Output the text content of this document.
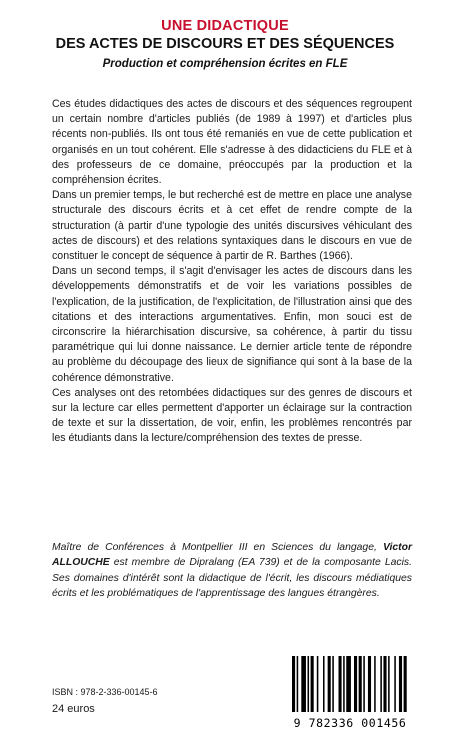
UNE DIDACTIQUE
DES ACTES DE DISCOURS ET DES SÉQUENCES
Production et compréhension écrites en FLE

Ces études didactiques des actes de discours et des séquences regroupent un certain nombre d'articles publiés (de 1989 à 1997) et d'articles plus récents non-publiés. Ils ont tous été remaniés en vue de cette publication et organisés en un tout cohérent. Elle s'adresse à des didacticiens du FLE et à des professeurs de ce domaine, préoccupés par la production et la compréhension écrites.

Dans un premier temps, le but recherché est de mettre en place une analyse structurale des discours écrits et à cet effet de rendre compte de la structuration (à partir d'une typologie des unités discursives véhiculant des actes de discours) et des relations syntaxiques dans le discours en vue de constituer le concept de séquence à partir de R. Barthes (1966).

Dans un second temps, il s'agit d'envisager les actes de discours dans les développements démonstratifs et de voir les variations possibles de l'explication, de la justification, de l'explicitation, de l'illustration ainsi que des citations et des interactions argumentatives. Enfin, mon souci est de circonscrire la hiérarchisation discursive, sa cohérence, à partir du tissu paramétrique qui lui donne naissance. Le dernier article tente de répondre au problème du découpage des lieux de signifiance qui sont à la base de la cohérence démonstrative.

Ces analyses ont des retombées didactiques sur des genres de discours et sur la lecture car elles permettent d'apporter un éclairage sur la contraction de texte et sur la dissertation, de voir, enfin, les problèmes rencontrés par les étudiants dans la lecture/compréhension des textes de presse.

Maître de Conférences à Montpellier III en Sciences du langage, Victor ALLOUCHE est membre de Dipralang (EA 739) et de la composante Lacis. Ses domaines d'intérêt sont la didactique de l'écrit, les discours médiatiques écrits et les problématiques de l'apprentissage des langues étrangères.
ISBN : 978-2-336-00145-6
24 euros
9 782336 001456
